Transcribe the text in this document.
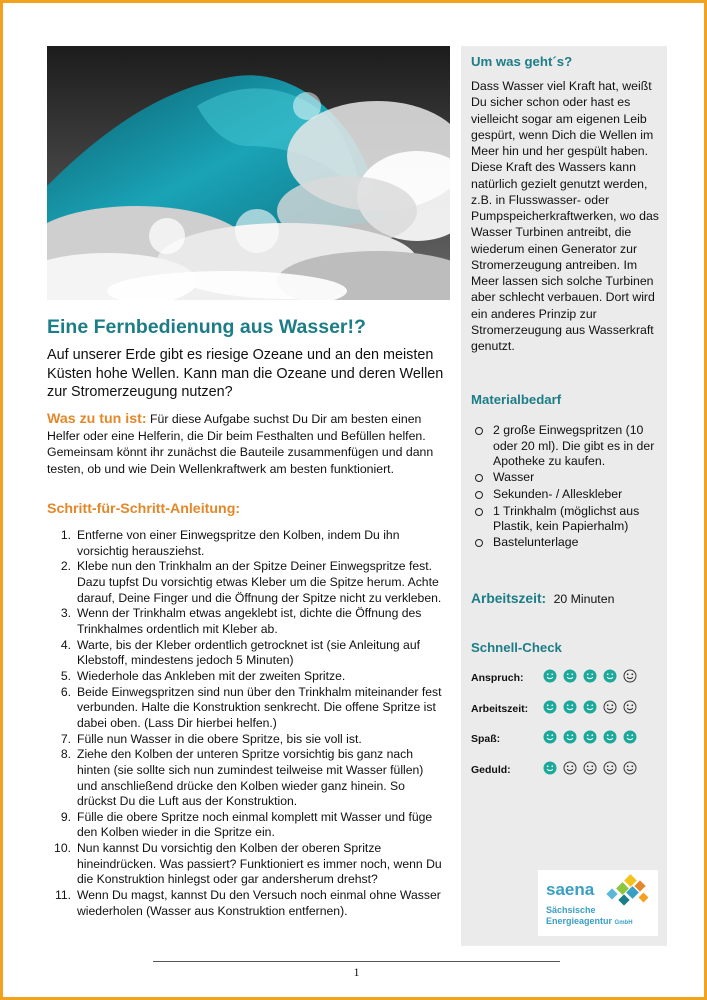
Eine Fernbedienung aus Wasser!?

Auf unserer Erde gibt es riesige Ozeane und an den meisten Küsten hohe Wellen. Kann man die Ozeane und deren Wellen zur Stromerzeugung nutzen?

Was zu tun ist: Für diese Aufgabe suchst Du Dir am besten einen Helfer oder eine Helferin, die Dir beim Festhalten und Befüllen helfen. Gemeinsam könnt ihr zunächst die Bauteile zusammenfügen und dann testen, ob und wie Dein Wellenkraftwerk am besten funktioniert.

Schritt-für-Schritt-Anleitung:
1. Entferne von einer Einwegspritze den Kolben, indem Du ihn vorsichtig herausziehst.
2. Klebe nun den Trinkhalm an der Spitze Deiner Einwegspritze fest. Dazu tupfst Du vorsichtig etwas Kleber um die Spitze herum. Achte darauf, Deine Finger und die Öffnung der Spitze nicht zu verkleben.
3. Wenn der Trinkhalm etwas angeklebt ist, dichte die Öffnung des Trinkhalmes ordentlich mit Kleber ab.
4. Warte, bis der Kleber ordentlich getrocknet ist (sie Anleitung auf Klebstoff, mindestens jedoch 5 Minuten)
5. Wiederhole das Ankleben mit der zweiten Spritze.
6. Beide Einwegspritzen sind nun über den Trinkhalm miteinander fest verbunden. Halte die Konstruktion senkrecht. Die offene Spritze ist dabei oben. (Lass Dir hierbei helfen.)
7. Fülle nun Wasser in die obere Spritze, bis sie voll ist.
8. Ziehe den Kolben der unteren Spritze vorsichtig bis ganz nach hinten (sie sollte sich nun zumindest teilweise mit Wasser füllen) und anschließend drücke den Kolben wieder ganz hinein. So drückst Du die Luft aus der Konstruktion.
9. Fülle die obere Spritze noch einmal komplett mit Wasser und füge den Kolben wieder in die Spritze ein.
10. Nun kannst Du vorsichtig den Kolben der oberen Spritze hineindrücken. Was passiert? Funktioniert es immer noch, wenn Du die Konstruktion hinlegst oder gar andersherum drehst?
11. Wenn Du magst, kannst Du den Versuch noch einmal ohne Wasser wiederholen (Wasser aus Konstruktion entfernen).
Um was geht´s?

Dass Wasser viel Kraft hat, weißt Du sicher schon oder hast es vielleicht sogar am eigenen Leib gespürt, wenn Dich die Wellen im Meer hin und her gespült haben. Diese Kraft des Wassers kann natürlich gezielt genutzt werden, z.B. in Flusswasser- oder Pumpspeicherkraftwerken, wo das Wasser Turbinen antreibt, die wiederum einen Generator zur Stromerzeugung antreiben. Im Meer lassen sich solche Turbinen aber schlecht verbauen. Dort wird ein anderes Prinzip zur Stromerzeugung aus Wasserkraft genutzt.

Materialbedarf
2 große Einwegspritzen (10 oder 20 ml). Die gibt es in der Apotheke zu kaufen.
Wasser
Sekunden- / Alleskleber
1 Trinkhalm (möglichst aus Plastik, kein Papierhalm)
Bastelunterlage

Arbeitszeit: 20 Minuten

Schnell-Check
Anspruch:
Arbeitszeit:
Spaß:
Geduld:
saena
Sächsische
Energieagentur GmbH
1
